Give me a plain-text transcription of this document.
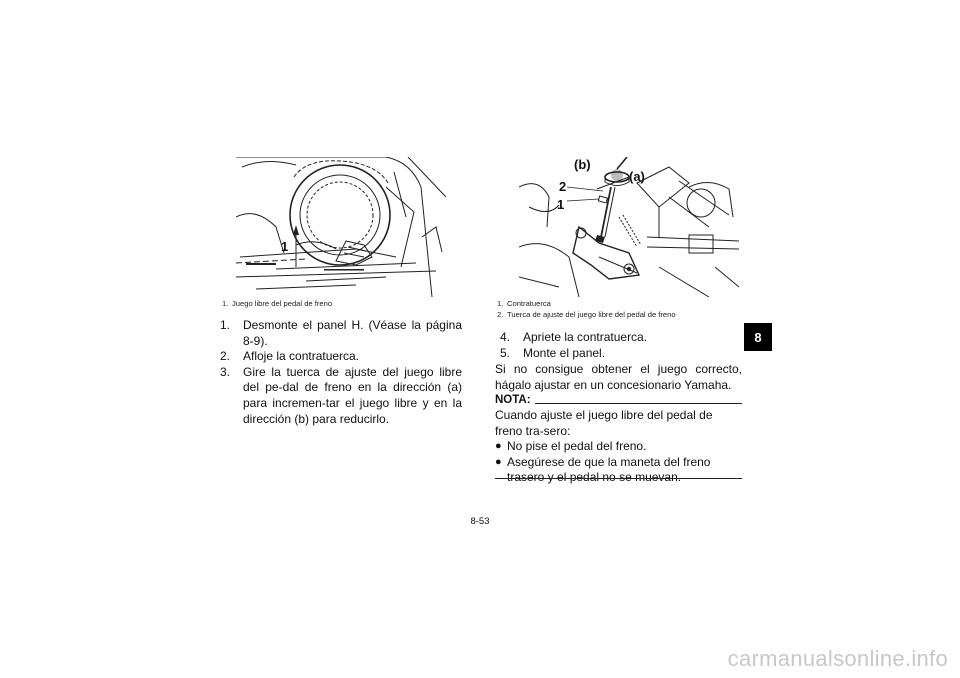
1
1. Juego libre del pedal de freno
1. Desmonte el panel H. (Véase la página 8-9).
2. Afloje la contratuerca.
3. Gire la tuerca de ajuste del juego libre del pe-dal de freno en la dirección (a) para incremen-tar el juego libre y en la dirección (b) para reducirlo.
(b)
(a)
2
1
1. Contratuerca
2. Tuerca de ajuste del juego libre del pedal de freno
4. Apriete la contratuerca.
5. Monte el panel.

Si no consigue obtener el juego correcto, hágalo ajustar en un concesionario Yamaha.

NOTA:
Cuando ajuste el juego libre del pedal de freno tra-sero:
● No pise el pedal del freno.
● Asegúrese de que la maneta del freno trasero y el pedal no se muevan.
8
8-53
carmanualsonline.info
